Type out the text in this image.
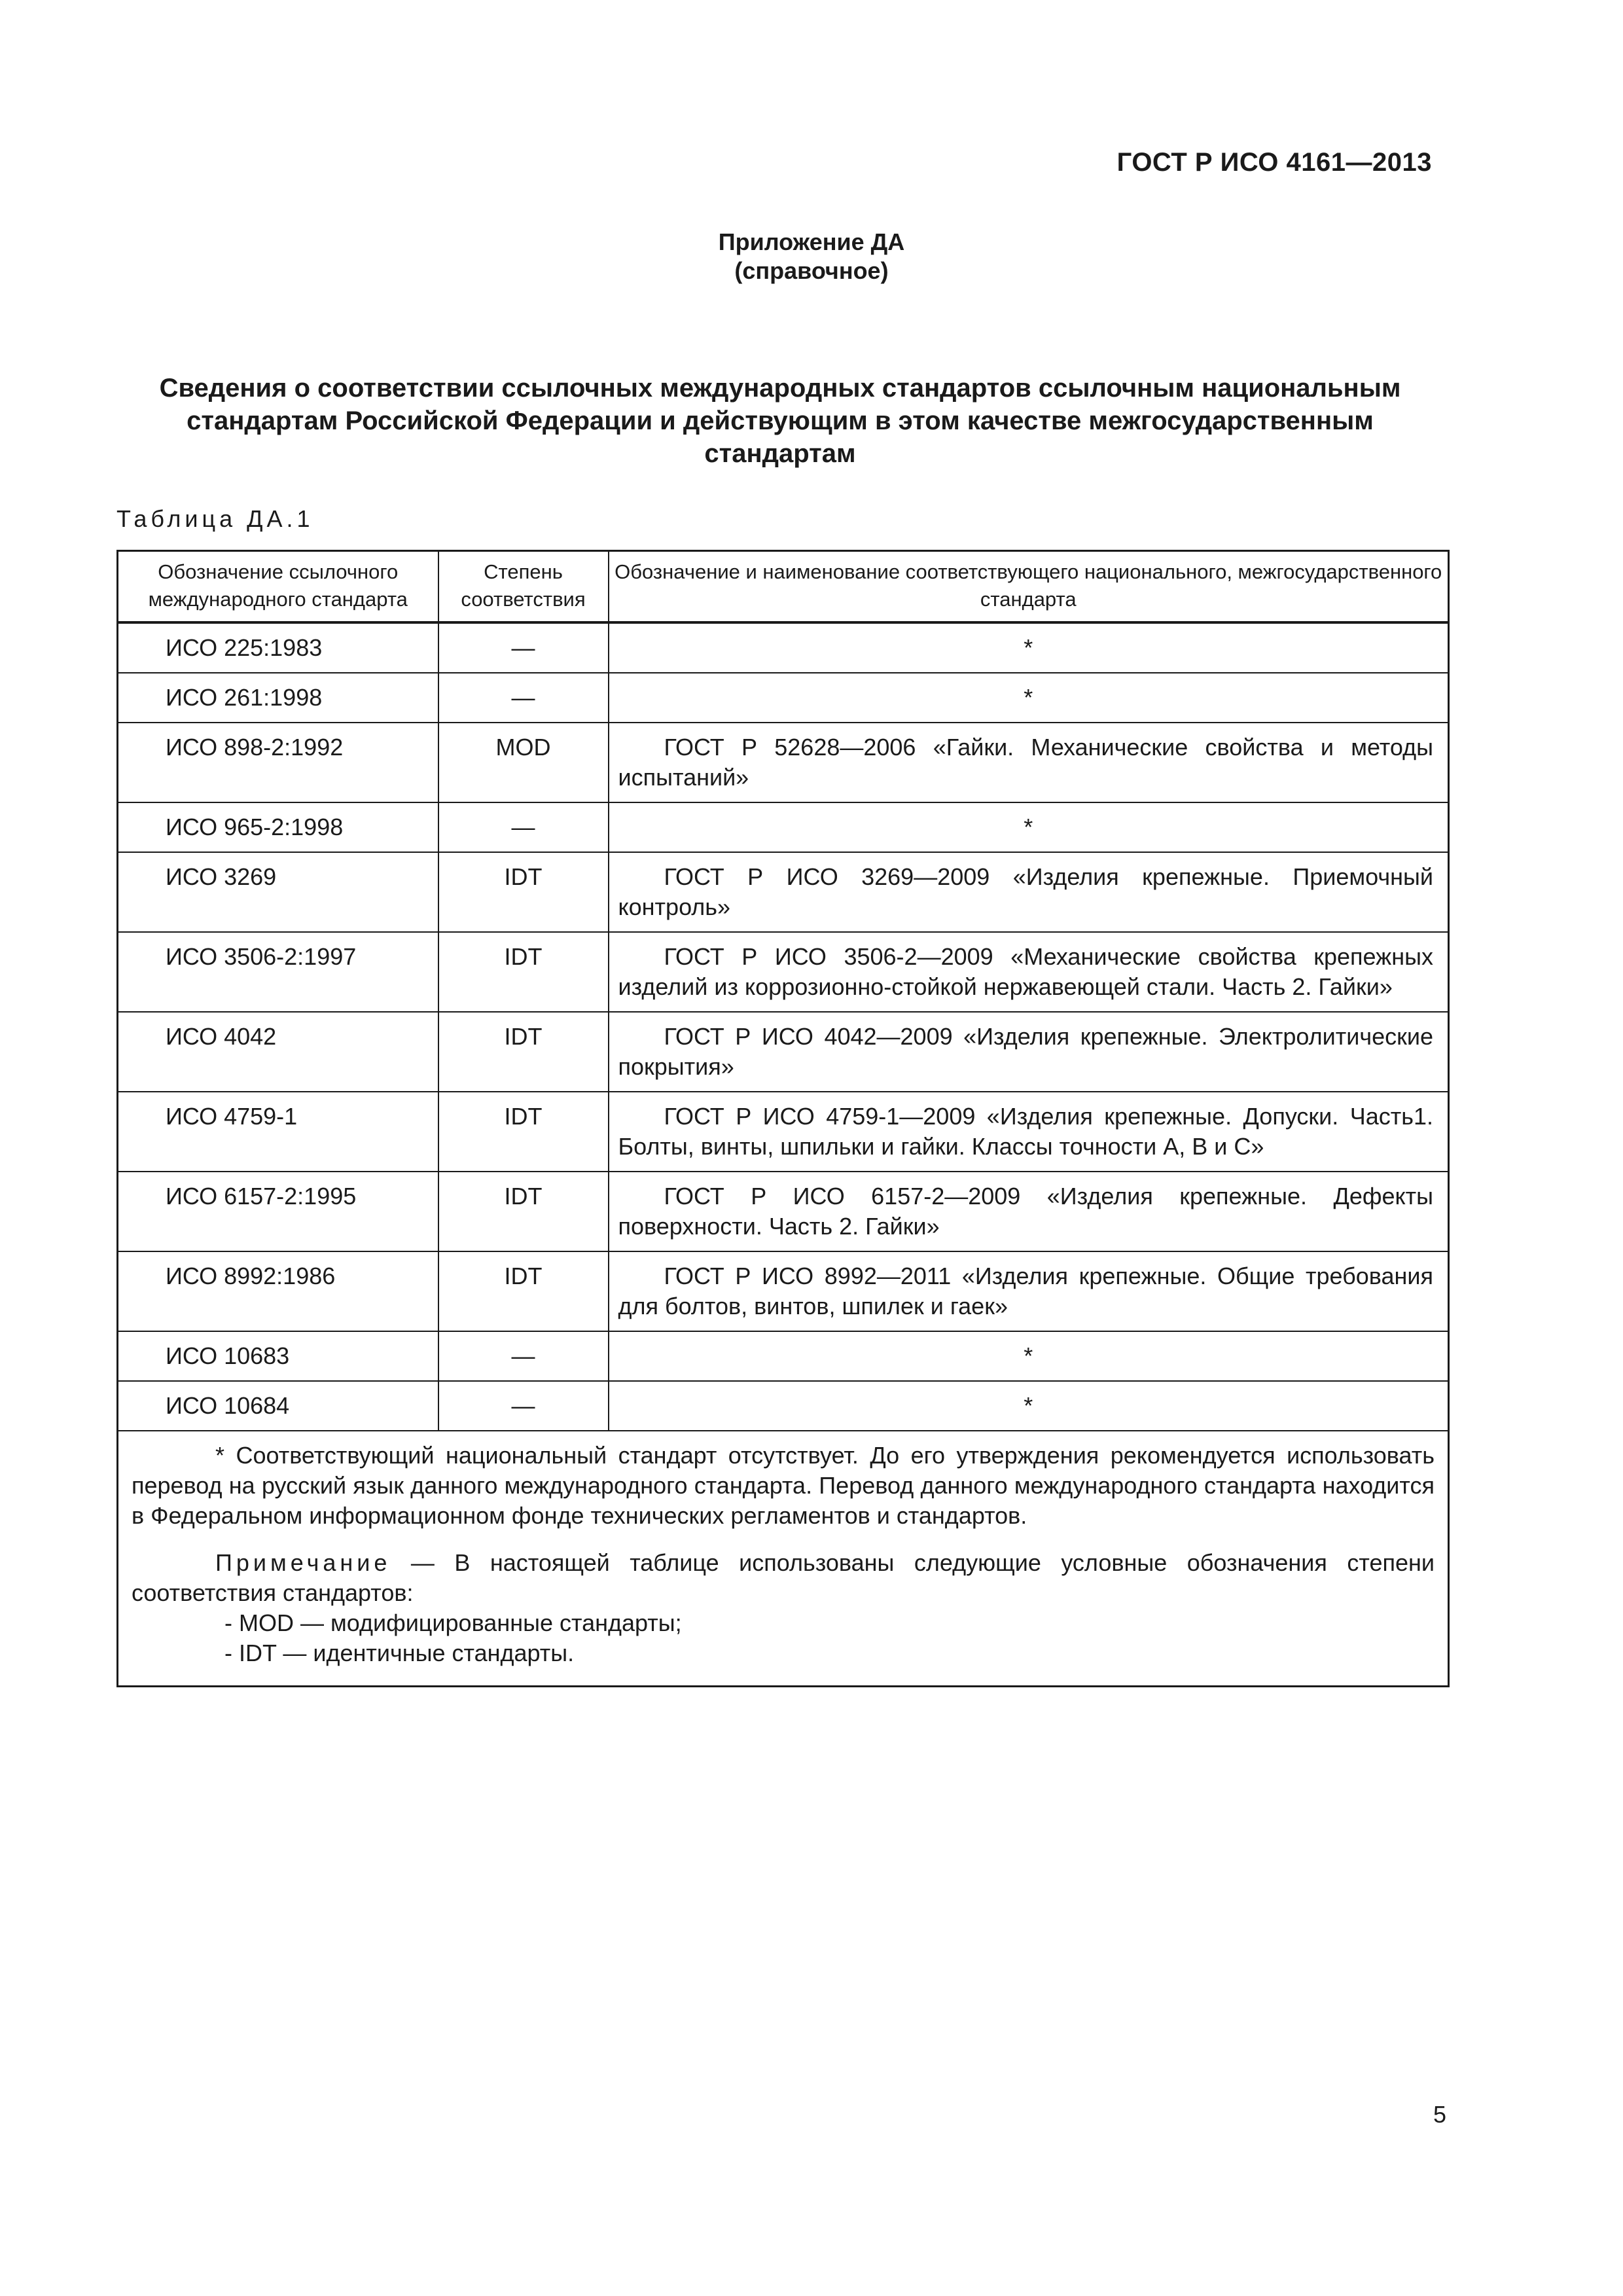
ГОСТ Р ИСО 4161—2013
Приложение ДА
(справочное)
Сведения о соответствии ссылочных международных стандартов ссылочным национальным стандартам Российской Федерации и действующим в этом качестве межгосударственным стандартам
Таблица ДА.1
Обозначение ссылочного международного стандарта	Степень соответствия	Обозначение и наименование соответствующего национального, межгосударственного стандарта
ИСО 225:1983	—	*
ИСО 261:1998	—	*
ИСО 898-2:1992	MOD	ГОСТ Р 52628—2006 «Гайки. Механические свойства и методы испытаний»
ИСО 965-2:1998	—	*
ИСО 3269	IDT	ГОСТ Р ИСО 3269—2009 «Изделия крепежные. Приемочный контроль»
ИСО 3506-2:1997	IDT	ГОСТ Р ИСО 3506-2—2009 «Механические свойства крепежных изделий из коррозионно-стойкой нержавеющей стали. Часть 2. Гайки»
ИСО 4042	IDT	ГОСТ Р ИСО 4042—2009 «Изделия крепежные. Электролитические покрытия»
ИСО 4759-1	IDT	ГОСТ Р ИСО 4759-1—2009 «Изделия крепежные. Допуски. Часть1. Болты, винты, шпильки и гайки. Классы точности А, В и С»
ИСО 6157-2:1995	IDT	ГОСТ Р ИСО 6157-2—2009 «Изделия крепежные. Дефекты поверхности. Часть 2. Гайки»
ИСО 8992:1986	IDT	ГОСТ Р ИСО 8992—2011 «Изделия крепежные. Общие требования для болтов, винтов, шпилек и гаек»
ИСО 10683	—	*
ИСО 10684	—	*

* Соответствующий национальный стандарт отсутствует. До его утверждения рекомендуется использовать перевод на русский язык данного международного стандарта. Перевод данного международного стандарта находится в Федеральном информационном фонде технических регламентов и стандартов.

Примечание — В настоящей таблице использованы следующие условные обозначения степени соответствия стандартов:

- MOD — модифицированные стандарты;

- IDT — идентичные стандарты.		

5
